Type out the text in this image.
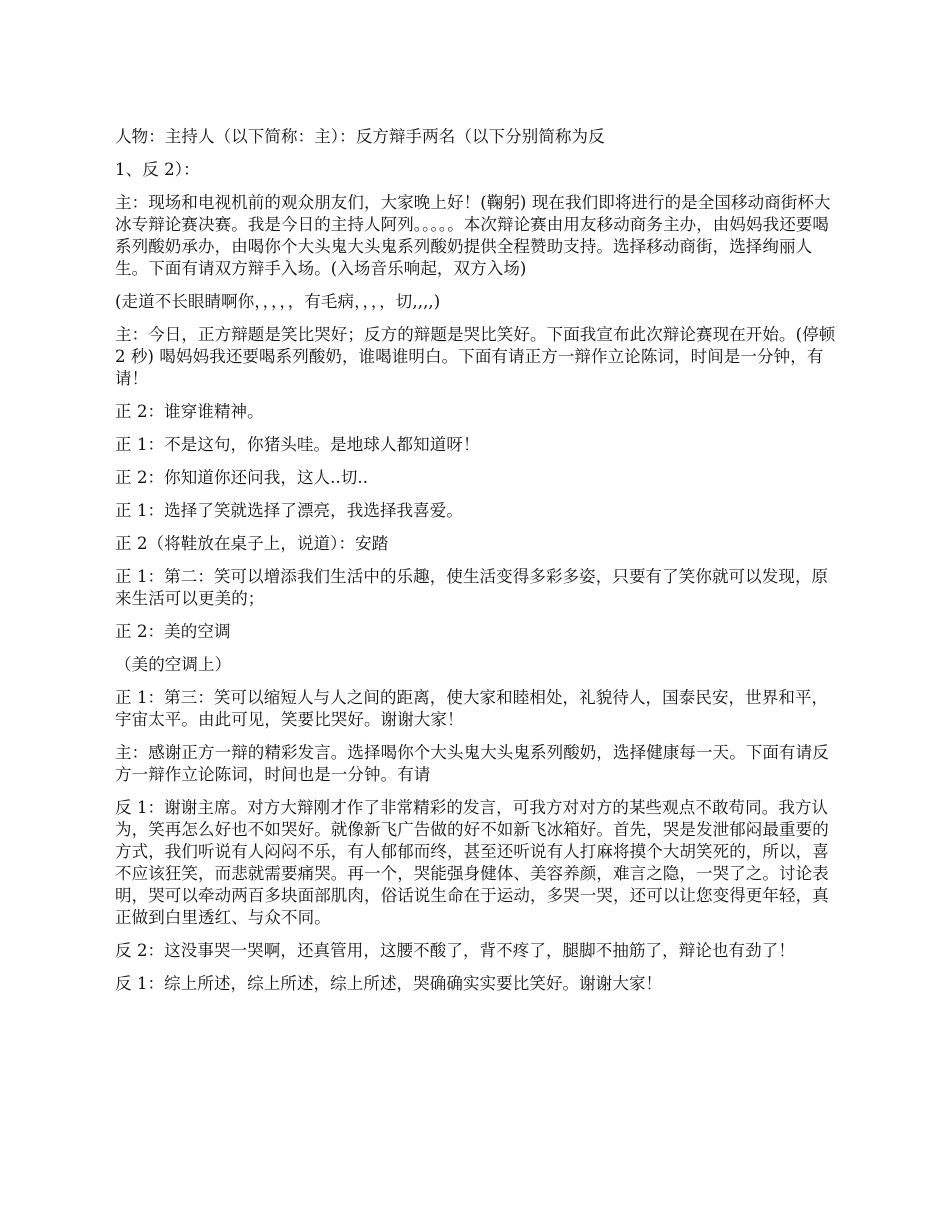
人物：主持人（以下简称：主）：反方辩手两名（以下分别简称为反

1、反 2）：

主：现场和电视机前的观众朋友们，大家晚上好！(鞠躬) 现在我们即将进行的是全国移动商街杯大冰专辩论赛决赛。我是今日的主持人阿列。。。。。本次辩论赛由用友移动商务主办，由妈妈我还要喝系列酸奶承办，由喝你个大头鬼大头鬼系列酸奶提供全程赞助支持。选择移动商街，选择绚丽人生。下面有请双方辩手入场。(入场音乐响起，双方入场)

(走道不长眼睛啊你，，，，，有毛病，，，，切,,,,)

主：今日，正方辩题是笑比哭好；反方的辩题是哭比笑好。下面我宣布此次辩论赛现在开始。(停顿 2 秒) 喝妈妈我还要喝系列酸奶，谁喝谁明白。下面有请正方一辩作立论陈词，时间是一分钟，有请！

正 2：谁穿谁精神。

正 1：不是这句，你猪头哇。是地球人都知道呀！

正 2：你知道你还问我，这人..切..

正 1：选择了笑就选择了漂亮，我选择我喜爱。

正 2（将鞋放在桌子上，说道）：安踏

正 1：第二：笑可以增添我们生活中的乐趣，使生活变得多彩多姿，只要有了笑你就可以发现，原来生活可以更美的；

正 2：美的空调

（美的空调上）

正 1：第三：笑可以缩短人与人之间的距离，使大家和睦相处，礼貌待人，国泰民安，世界和平，宇宙太平。由此可见，笑要比哭好。谢谢大家！

主：感谢正方一辩的精彩发言。选择喝你个大头鬼大头鬼系列酸奶，选择健康每一天。下面有请反方一辩作立论陈词，时间也是一分钟。有请

反 1：谢谢主席。对方大辩刚才作了非常精彩的发言，可我方对对方的某些观点不敢苟同。我方认为，笑再怎么好也不如哭好。就像新飞广告做的好不如新飞冰箱好。首先，哭是发泄郁闷最重要的方式，我们听说有人闷闷不乐，有人郁郁而终，甚至还听说有人打麻将摸个大胡笑死的，所以，喜不应该狂笑，而悲就需要痛哭。再一个，哭能强身健体、美容养颜，难言之隐，一哭了之。讨论表明，哭可以牵动两百多块面部肌肉，俗话说生命在于运动，多哭一哭，还可以让您变得更年轻，真正做到白里透红、与众不同。

反 2：这没事哭一哭啊，还真管用，这腰不酸了，背不疼了，腿脚不抽筋了，辩论也有劲了！

反 1：综上所述，综上所述，综上所述，哭确确实实要比笑好。谢谢大家！
